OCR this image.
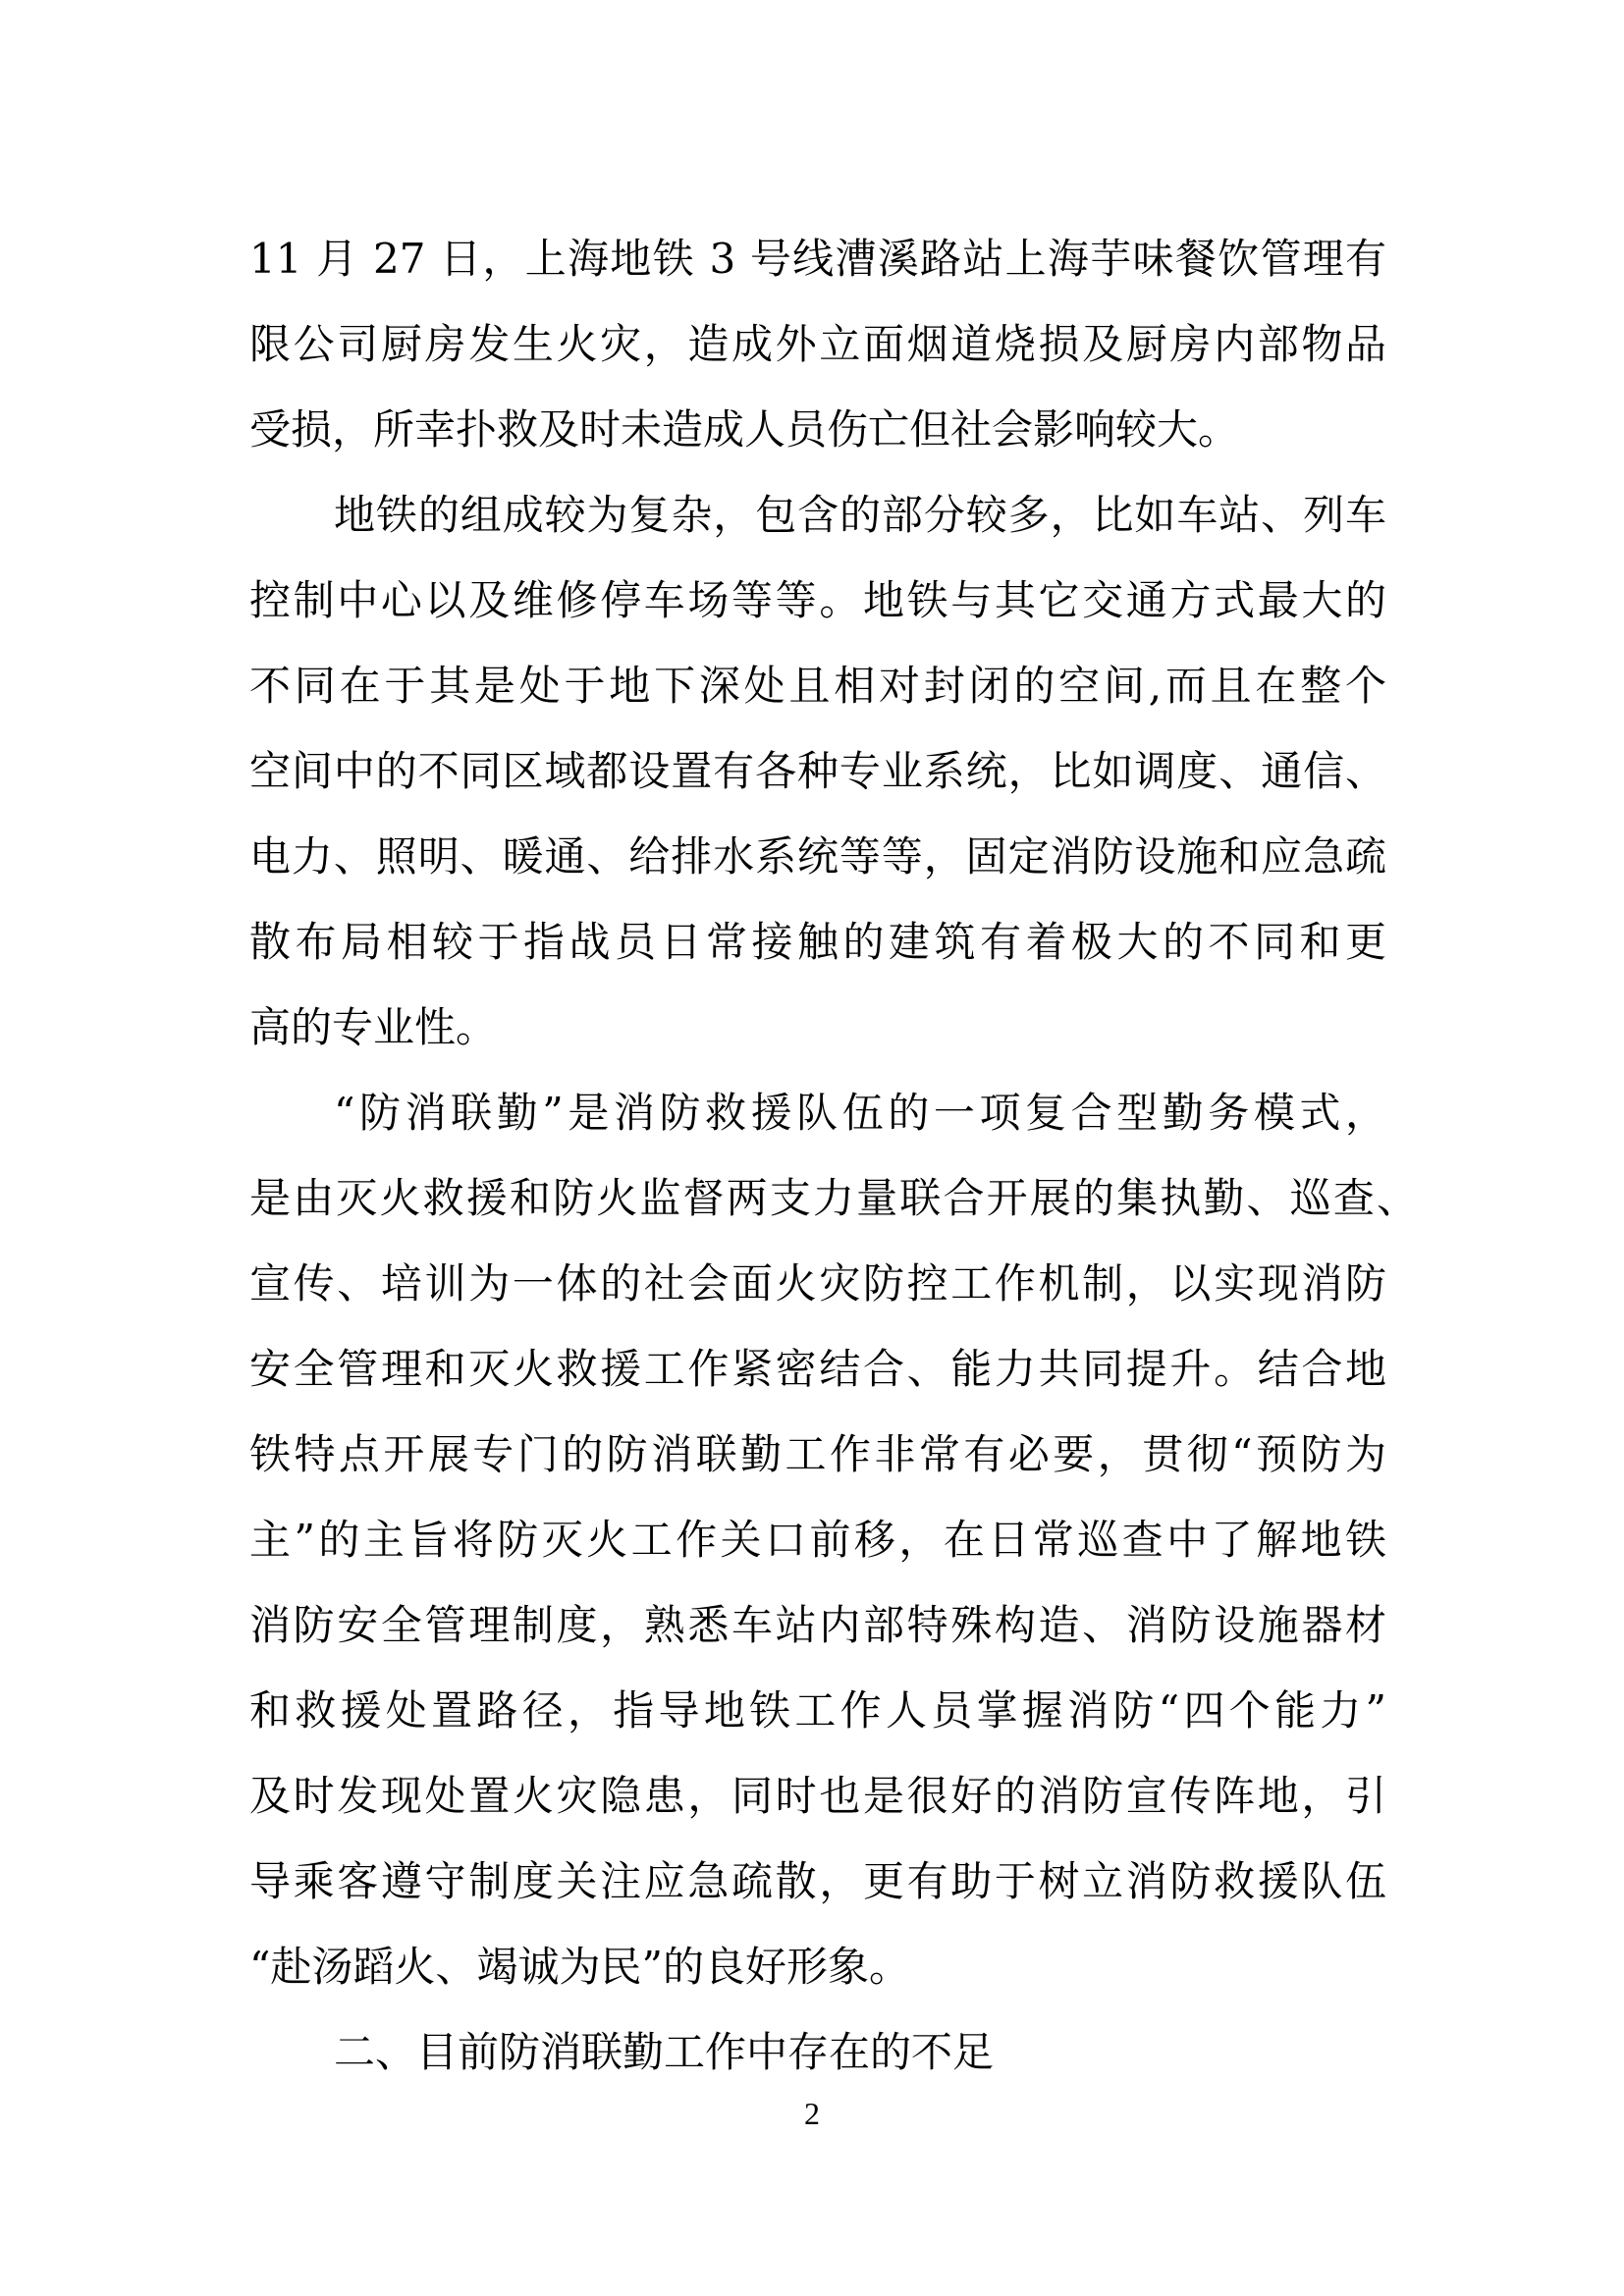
11 月 27 日，上海地铁 3 号线漕溪路站上海芋味餐饮管理有
限公司厨房发生火灾，造成外立面烟道烧损及厨房内部物品
受损，所幸扑救及时未造成人员伤亡但社会影响较大。
地铁的组成较为复杂，包含的部分较多，比如车站、列车
控制中心以及维修停车场等等。地铁与其它交通方式最大的
不同在于其是处于地下深处且相对封闭的空间,而且在整个
空间中的不同区域都设置有各种专业系统，比如调度、通信、
电力、照明、暖通、给排水系统等等，固定消防设施和应急疏
散布局相较于指战员日常接触的建筑有着极大的不同和更
高的专业性。
“防消联勤”是消防救援队伍的一项复合型勤务模式，
是由灭火救援和防火监督两支力量联合开展的集执勤、巡查、
宣传、培训为一体的社会面火灾防控工作机制，以实现消防
安全管理和灭火救援工作紧密结合、能力共同提升。结合地
铁特点开展专门的防消联勤工作非常有必要，贯彻“预防为
主”的主旨将防灭火工作关口前移，在日常巡查中了解地铁
消防安全管理制度，熟悉车站内部特殊构造、消防设施器材
和救援处置路径，指导地铁工作人员掌握消防“四个能力”
及时发现处置火灾隐患，同时也是很好的消防宣传阵地，引
导乘客遵守制度关注应急疏散，更有助于树立消防救援队伍
“赴汤蹈火、竭诚为民”的良好形象。
二、目前防消联勤工作中存在的不足
2
